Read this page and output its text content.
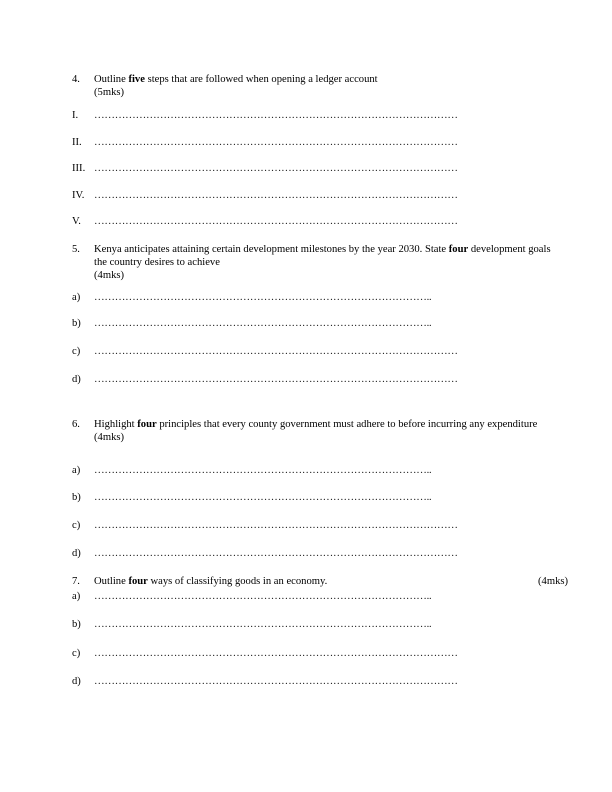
4.	Outline five steps that are followed when opening a ledger account
(5mks)
I.	……………………………………………………………………………………………
II.	……………………………………………………………………………………………
III. ……………………………………………………………………………………………
IV. ……………………………………………………………………………………………
V.	……………………………………………………………………………………………
5.	Kenya anticipates attaining certain development milestones by the year 2030. State four development goals the country desires to achieve
(4mks)
a)	……………………………………………………………………………………..
b)	……………………………………………………………………………………..
c)	……………………………………………………………………………………………
d)	……………………………………………………………………………………………
6.	Highlight four principles that every county government must adhere to before incurring any expenditure
(4mks)
a)	……………………………………………………………………………………..
b)	……………………………………………………………………………………..
c)	……………………………………………………………………………………………
d)	……………………………………………………………………………………………
7.	Outline four ways of classifying goods in an economy.	(4mks)
a)	……………………………………………………………………………………..
b)	……………………………………………………………………………………..
c)	……………………………………………………………………………………………
d)	……………………………………………………………………………………………
